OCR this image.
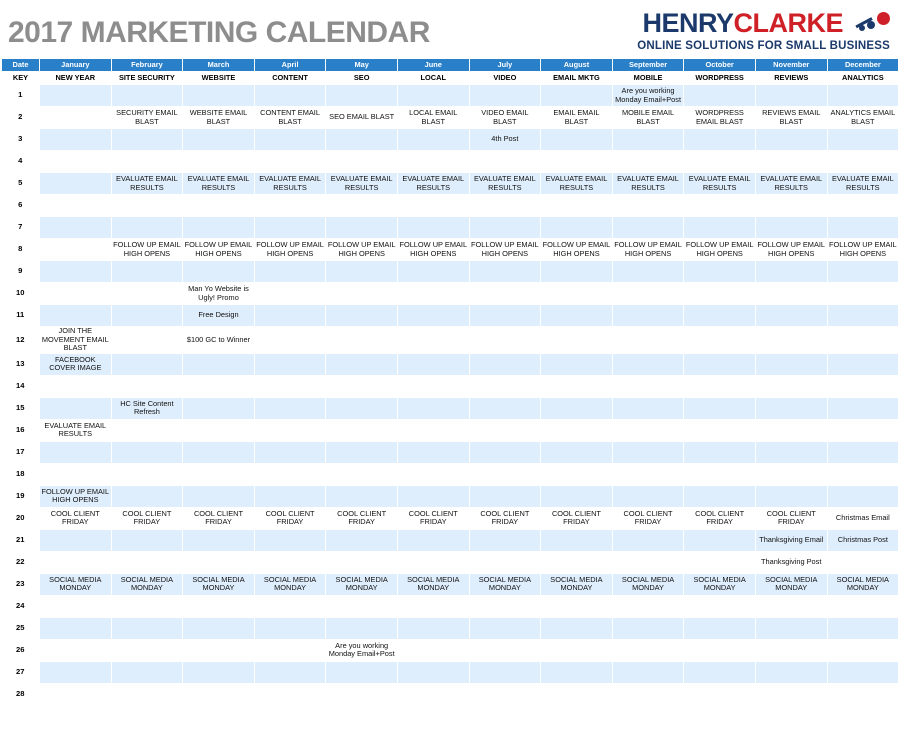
2017 MARKETING CALENDAR	HENRY CLARKE
ONLINE SOLUTIONS FOR SMALL BUSINESS
Date	January	February	March	April	May	June	July	August	September	October	November	December
KEY	NEW YEAR	SITE SECURITY	WEBSITE	CONTENT	SEO	LOCAL	VIDEO	EMAIL MKTG	MOBILE	WORDPRESS	REVIEWS	ANALYTICS
1									Are you working Monday Email+Post			
2		SECURITY EMAIL BLAST	WEBSITE EMAIL BLAST	CONTENT EMAIL BLAST	SEO EMAIL BLAST	LOCAL EMAIL BLAST	VIDEO EMAIL BLAST	EMAIL EMAIL BLAST	MOBILE EMAIL BLAST	WORDPRESS EMAIL BLAST	REVIEWS EMAIL BLAST	ANALYTICS EMAIL BLAST
3							4th Post					
4												
5		EVALUATE EMAIL RESULTS	EVALUATE EMAIL RESULTS	EVALUATE EMAIL RESULTS	EVALUATE EMAIL RESULTS	EVALUATE EMAIL RESULTS	EVALUATE EMAIL RESULTS	EVALUATE EMAIL RESULTS	EVALUATE EMAIL RESULTS	EVALUATE EMAIL RESULTS	EVALUATE EMAIL RESULTS	EVALUATE EMAIL RESULTS
6												
7												
8		FOLLOW UP EMAIL HIGH OPENS	FOLLOW UP EMAIL HIGH OPENS	FOLLOW UP EMAIL HIGH OPENS	FOLLOW UP EMAIL HIGH OPENS	FOLLOW UP EMAIL HIGH OPENS	FOLLOW UP EMAIL HIGH OPENS	FOLLOW UP EMAIL HIGH OPENS	FOLLOW UP EMAIL HIGH OPENS	FOLLOW UP EMAIL HIGH OPENS	FOLLOW UP EMAIL HIGH OPENS	FOLLOW UP EMAIL HIGH OPENS
9												
10			Man Yo Website is Ugly! Promo									
11			Free Design									
12	JOIN THE MOVEMENT EMAIL BLAST		$100 GC to Winner									
13	FACEBOOK COVER IMAGE											
14												
15		HC Site Content Refresh										
16	EVALUATE EMAIL RESULTS											
17												
18												
19	FOLLOW UP EMAIL HIGH OPENS											
20	COOL CLIENT FRIDAY	COOL CLIENT FRIDAY	COOL CLIENT FRIDAY	COOL CLIENT FRIDAY	COOL CLIENT FRIDAY	COOL CLIENT FRIDAY	COOL CLIENT FRIDAY	COOL CLIENT FRIDAY	COOL CLIENT FRIDAY	COOL CLIENT FRIDAY	COOL CLIENT FRIDAY	Christmas Email
21											Thanksgiving Email	Christmas Post
22											Thanksgiving Post	
23	SOCIAL MEDIA MONDAY	SOCIAL MEDIA MONDAY	SOCIAL MEDIA MONDAY	SOCIAL MEDIA MONDAY	SOCIAL MEDIA MONDAY	SOCIAL MEDIA MONDAY	SOCIAL MEDIA MONDAY	SOCIAL MEDIA MONDAY	SOCIAL MEDIA MONDAY	SOCIAL MEDIA MONDAY	SOCIAL MEDIA MONDAY	SOCIAL MEDIA MONDAY
24												
25												
26					Are you working Monday Email+Post							
27												
28												
